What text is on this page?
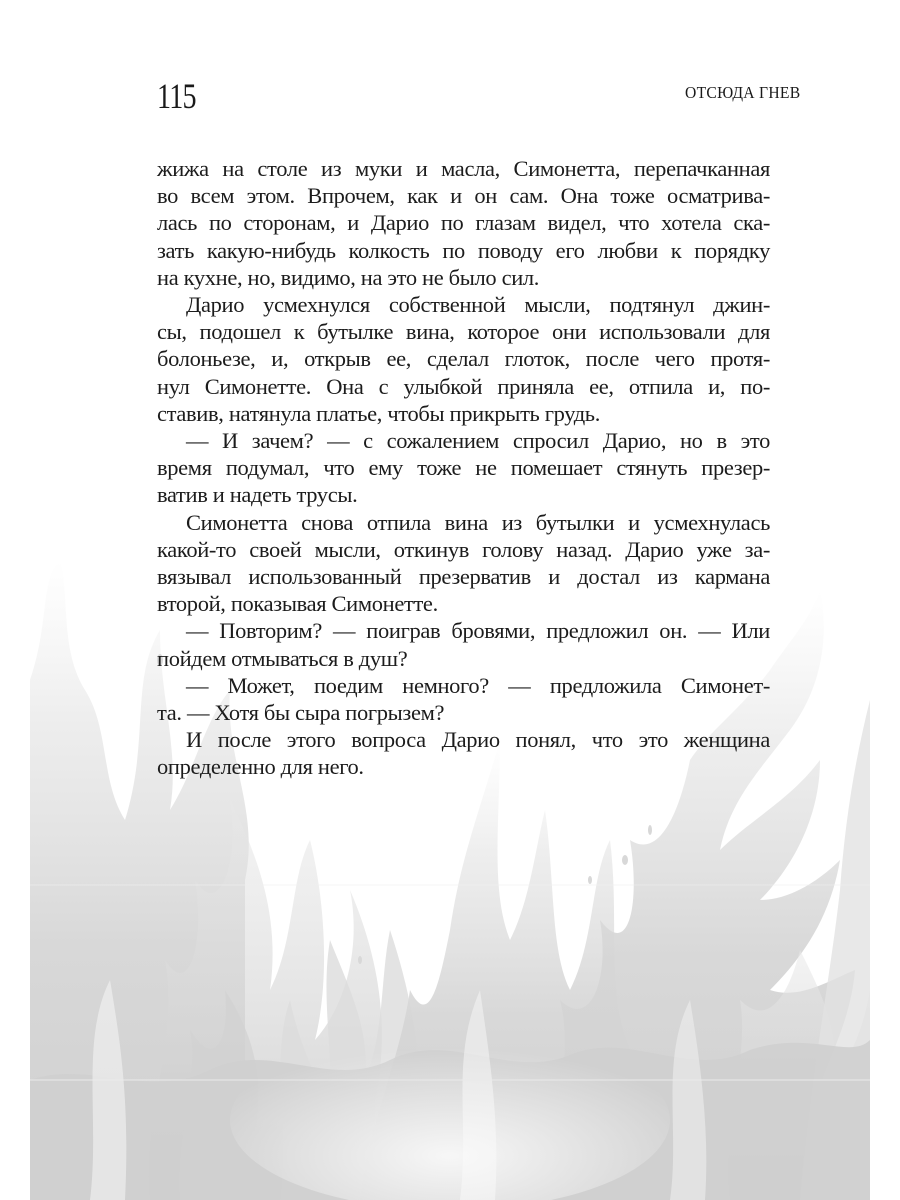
115	ОТСЮДА ГНЕВ

жижа на столе из муки и масла, Симонетта, перепачканная
во всем этом. Впрочем, как и он сам. Она тоже осматрива-
лась по сторонам, и Дарио по глазам видел, что хотела ска-
зать какую-нибудь колкость по поводу его любви к порядку
на кухне, но, видимо, на это не было сил.

Дарио усмехнулся собственной мысли, подтянул джин-
сы, подошел к бутылке вина, которое они использовали для
болоньезе, и, открыв ее, сделал глоток, после чего протя-
нул Симонетте. Она с улыбкой приняла ее, отпила и, по-
ставив, натянула платье, чтобы прикрыть грудь.

— И зачем? — с сожалением спросил Дарио, но в это
время подумал, что ему тоже не помешает стянуть презер-
ватив и надеть трусы.

Симонетта снова отпила вина из бутылки и усмехнулась
какой-то своей мысли, откинув голову назад. Дарио уже за-
вязывал использованный презерватив и достал из кармана
второй, показывая Симонетте.

— Повторим? — поиграв бровями, предложил он. — Или
пойдем отмываться в душ?

— Может, поедим немного? — предложила Симонет-
та. — Хотя бы сыра погрызем?

И после этого вопроса Дарио понял, что это женщина
определенно для него.
